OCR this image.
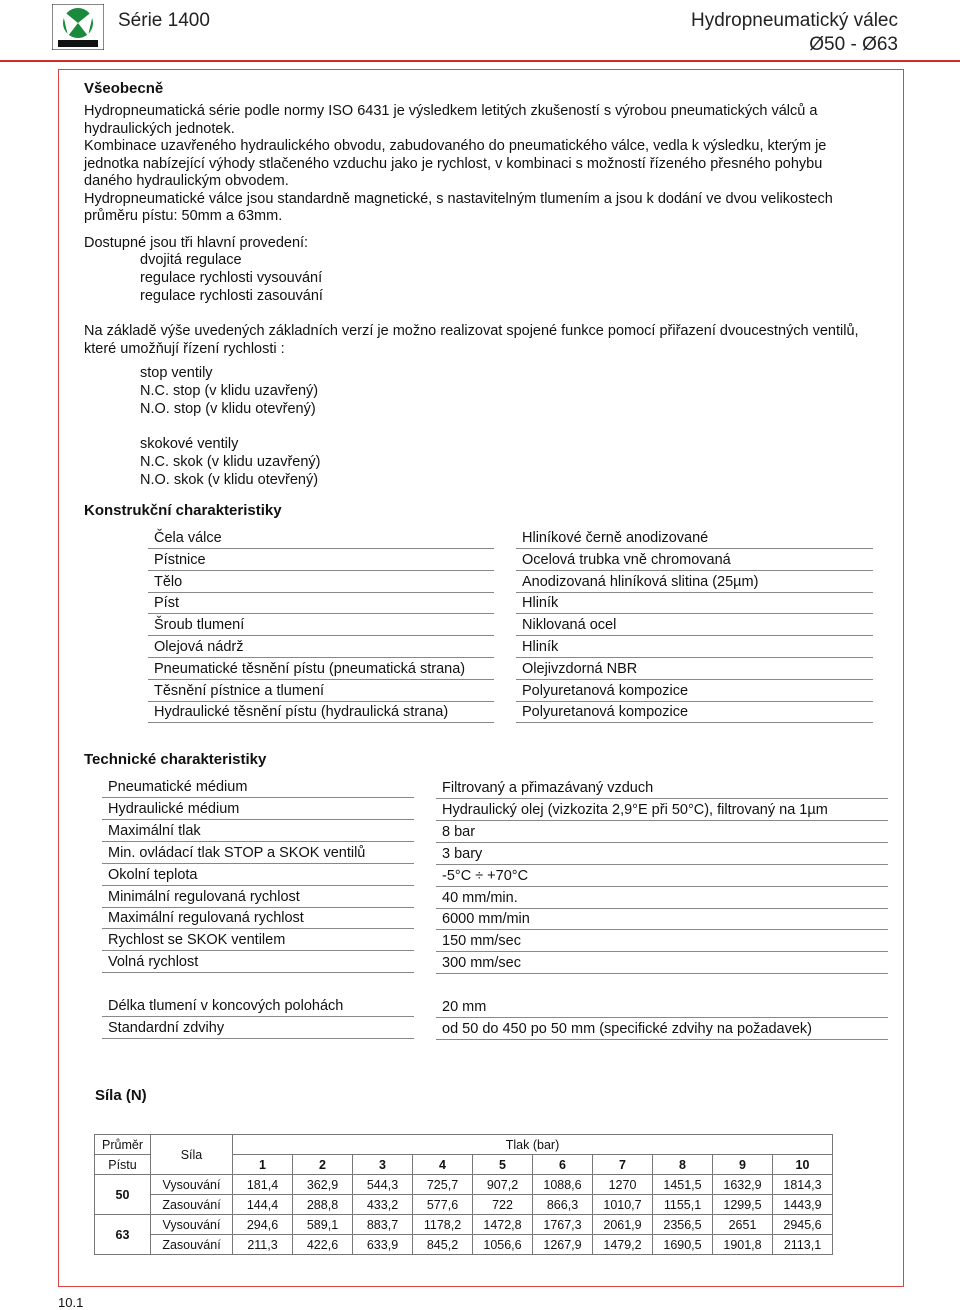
Série 1400	Hydropneumatický válec
Ø50 - Ø63
Všeobecně
Hydropneumatická série podle normy ISO 6431 je výsledkem letitých zkušeností s výrobou pneumatických válců a
hydraulických jednotek.
Kombinace uzavřeného hydraulického obvodu, zabudovaného do pneumatického válce, vedla k výsledku, kterým je
jednotka nabízející výhody stlačeného vzduchu jako je rychlost, v kombinaci s možností řízeného přesného pohybu
daného hydraulickým obvodem.
Hydropneumatické válce jsou standardně magnetické, s nastavitelným tlumením a jsou k dodání ve dvou velikostech
průměru pístu: 50mm a 63mm.
Dostupné jsou tři hlavní provedení:
dvojitá regulace
regulace rychlosti vysouvání
regulace rychlosti zasouvání
Na základě výše uvedených základních verzí je možno realizovat spojené funkce pomocí přiřazení dvoucestných ventilů,
které umožňují řízení rychlosti :
stop ventily
N.C. stop (v klidu uzavřený)
N.O. stop (v klidu otevřený)
skokové ventily
N.C. skok (v klidu uzavřený)
N.O. skok (v klidu otevřený)
Konstrukční charakteristiky
Čela válce	Hliníkové černě anodizované
Pístnice	Ocelová trubka vně chromovaná
Tělo	Anodizovaná hliníková slitina (25µm)
Píst	Hliník
Šroub tlumení	Niklovaná ocel
Olejová nádrž	Hliník
Pneumatické těsnění pístu (pneumatická strana)	Olejivzdorná NBR
Těsnění pístnice a tlumení	Polyuretanová kompozice
Hydraulické těsnění pístu (hydraulická strana)	Polyuretanová kompozice
Technické charakteristiky
Pneumatické médium	Filtrovaný a přimazávaný vzduch
Hydraulické médium	Hydraulický olej (vizkozita 2,9°E při 50°C), filtrovaný na 1µm
Maximální tlak	8 bar
Min. ovládací tlak STOP a SKOK ventilů	3 bary
Okolní teplota	-5°C ÷ +70°C
Minimální regulovaná rychlost	40 mm/min.
Maximální regulovaná rychlost	6000 mm/min
Rychlost se SKOK ventilem	150 mm/sec
Volná rychlost	300 mm/sec
Délka tlumení v koncových polohách	20 mm
Standardní zdvihy	od 50 do 450 po 50 mm (specifické zdvihy na požadavek)
Síla (N)
Průměr	Síla	Tlak (bar)									
Pístu		1	2	3	4	5	6	7	8	9	10
50	Vysouvání	181,4	362,9	544,3	725,7	907,2	1088,6	1270	1451,5	1632,9	1814,3
	Zasouvání	144,4	288,8	433,2	577,6	722	866,3	1010,7	1155,1	1299,5	1443,9
63	Vysouvání	294,6	589,1	883,7	1178,2	1472,8	1767,3	2061,9	2356,5	2651	2945,6
	Zasouvání	211,3	422,6	633,9	845,2	1056,6	1267,9	1479,2	1690,5	1901,8	2113,1
10.1
